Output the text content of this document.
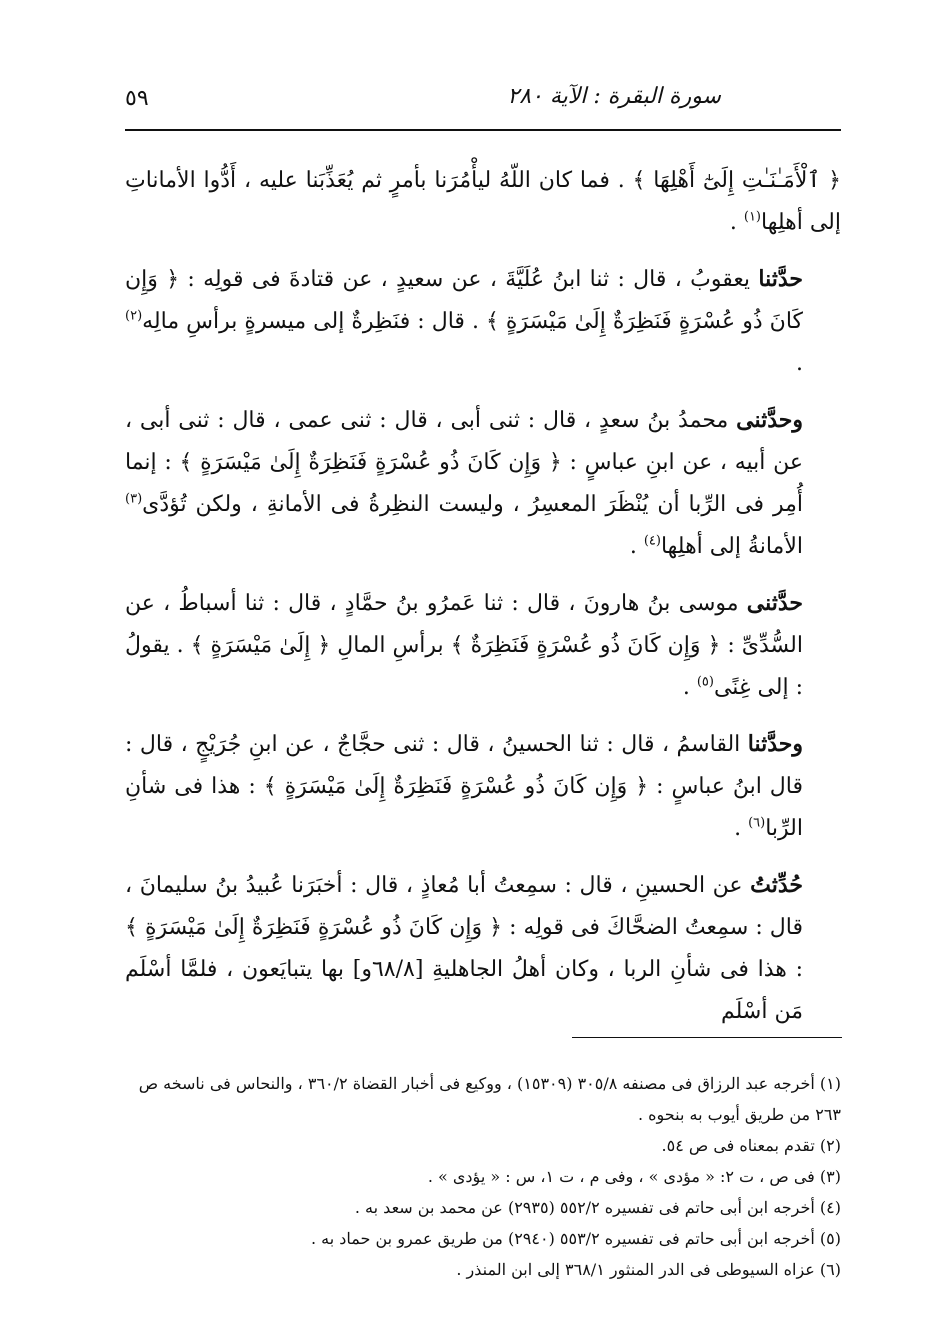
سورة البقرة : الآية ٢٨٠
٥٩

﴿ ٱلْأَمَـٰنَـٰتِ إِلَىٰٓ أَهْلِهَا ﴾ . فما كان اللّهُ ليأْمُرَنا بأمرٍ ثم يُعَذِّبَنا عليه ، أَدُّوا الأماناتِ إلى أهلِها$^{(١)}$ .

حدَّثنا يعقوبُ ، قال : ثنا ابنُ عُلَيَّةَ ، عن سعيدٍ ، عن قتادةَ فى قولِه : ﴿ وَإِن كَانَ ذُو عُسْرَةٍ فَنَظِرَةٌ إِلَىٰ مَيْسَرَةٍ ﴾ . قال : فنَظِرةٌ إلى ميسرةٍ برأسِ مالِه$^{(٢)}$ .

وحدَّثنى محمدُ بنُ سعدٍ ، قال : ثنى أبى ، قال : ثنى عمى ، قال : ثنى أبى ، عن أبيه ، عن ابنِ عباسٍ : ﴿ وَإِن كَانَ ذُو عُسْرَةٍ فَنَظِرَةٌ إِلَىٰ مَيْسَرَةٍ ﴾ : إنما أُمِر فى الرِّبا أن يُنْظَرَ المعسِرُ ، وليست النظِرةُ فى الأمانةِ ، ولكن تُؤدَّى$^{(٣)}$ الأمانةُ إلى أهلِها$^{(٤)}$ .

حدَّثنى موسى بنُ هارونَ ، قال : ثنا عَمرُو بنُ حمَّادٍ ، قال : ثنا أسباطُ ، عن السُّدِّىِّ : ﴿ وَإِن كَانَ ذُو عُسْرَةٍ فَنَظِرَةٌ ﴾ برأسِ المالِ ﴿ إِلَىٰ مَيْسَرَةٍ ﴾ . يقولُ : إلى غِنًى$^{(٥)}$ .

وحدَّثنا القاسمُ ، قال : ثنا الحسينُ ، قال : ثنى حجَّاجٌ ، عن ابنِ جُرَيْجٍ ، قال : قال ابنُ عباسٍ : ﴿ وَإِن كَانَ ذُو عُسْرَةٍ فَنَظِرَةٌ إِلَىٰ مَيْسَرَةٍ ﴾ : هذا فى شأنِ الرِّبا$^{(٦)}$ .

حُدِّثتُ عن الحسينِ ، قال : سمِعتُ أبا مُعاذٍ ، قال : أخبَرَنا عُبيدُ بنُ سليمانَ ، قال : سمِعتُ الضحَّاكَ فى قولِه : ﴿ وَإِن كَانَ ذُو عُسْرَةٍ فَنَظِرَةٌ إِلَىٰ مَيْسَرَةٍ ﴾ : هذا فى شأنِ الربا ، وكان أهلُ الجاهليةِ [٦٨/٨و] بها يتبايَعون ، فلمَّا أسْلَم مَن أسْلَم

(١) أخرجه عبد الرزاق فى مصنفه ٣٠٥/٨ (١٥٣٠٩) ، ووكيع فى أخبار القضاة ٣٦٠/٢ ، والنحاس فى ناسخه ص ٢٦٣ من طريق أيوب به بنحوه .

(٢) تقدم بمعناه فى ص ٥٤.

(٣) فى ص ، ت ٢: « مؤدى » ، وفى م ، ت ١، س : « يؤدى » .

(٤) أخرجه ابن أبى حاتم فى تفسيره ٥٥٢/٢ (٢٩٣٥) عن محمد بن سعد به .

(٥) أخرجه ابن أبى حاتم فى تفسيره ٥٥٣/٢ (٢٩٤٠) من طريق عمرو بن حماد به .

(٦) عزاه السيوطى فى الدر المنثور ٣٦٨/١ إلى ابن المنذر .
